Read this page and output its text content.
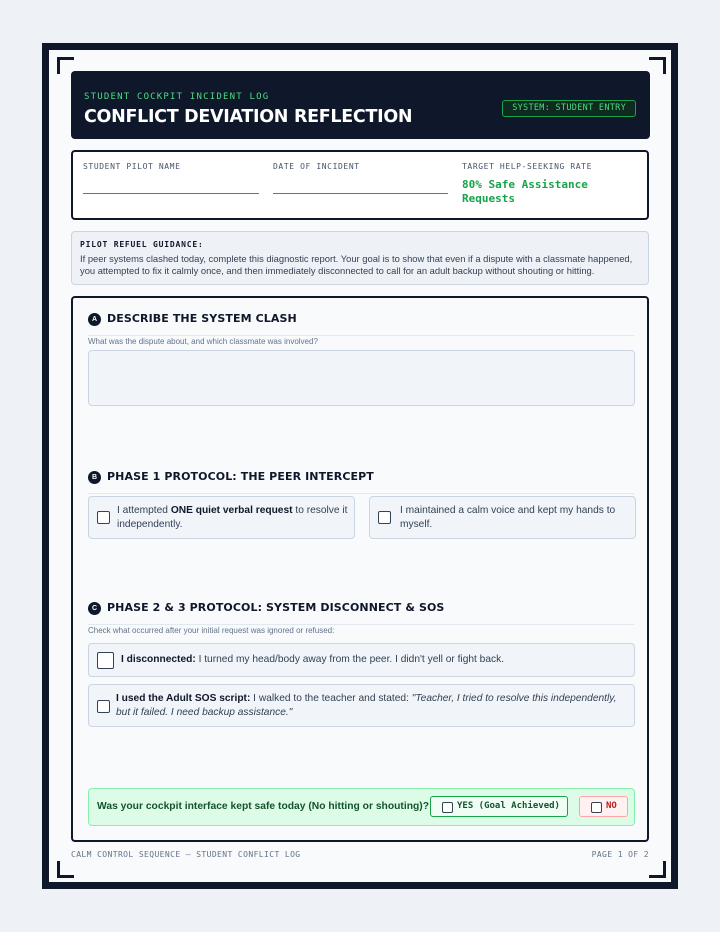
STUDENT COCKPIT INCIDENT LOG
CONFLICT DEVIATION REFLECTION	SYSTEM: STUDENT ENTRY
STUDENT PILOT NAME	DATE OF INCIDENT	TARGET HELP-SEEKING RATE
80% Safe Assistance Requests
PILOT REFUEL GUIDANCE:
If peer systems clashed today, complete this diagnostic report. Your goal is to show that even if a dispute with a classmate happened, you attempted to fix it calmly once, and then immediately disconnected to call for an adult backup without shouting or hitting.
A DESCRIBE THE SYSTEM CLASH
What was the dispute about, and which classmate was involved?
B PHASE 1 PROTOCOL: THE PEER INTERCEPT
I attempted ONE quiet verbal request to resolve it independently.
I maintained a calm voice and kept my hands to myself.
C PHASE 2 & 3 PROTOCOL: SYSTEM DISCONNECT & SOS
Check what occurred after your initial request was ignored or refused:
I disconnected: I turned my head/body away from the peer. I didn't yell or fight back.
I used the Adult SOS script: I walked to the teacher and stated: "Teacher, I tried to resolve this independently, but it failed. I need backup assistance."
Was your cockpit interface kept safe today (No hitting or shouting)?	YES (Goal Achieved)	NO
CALM CONTROL SEQUENCE — STUDENT CONFLICT LOG	PAGE 1 OF 2
